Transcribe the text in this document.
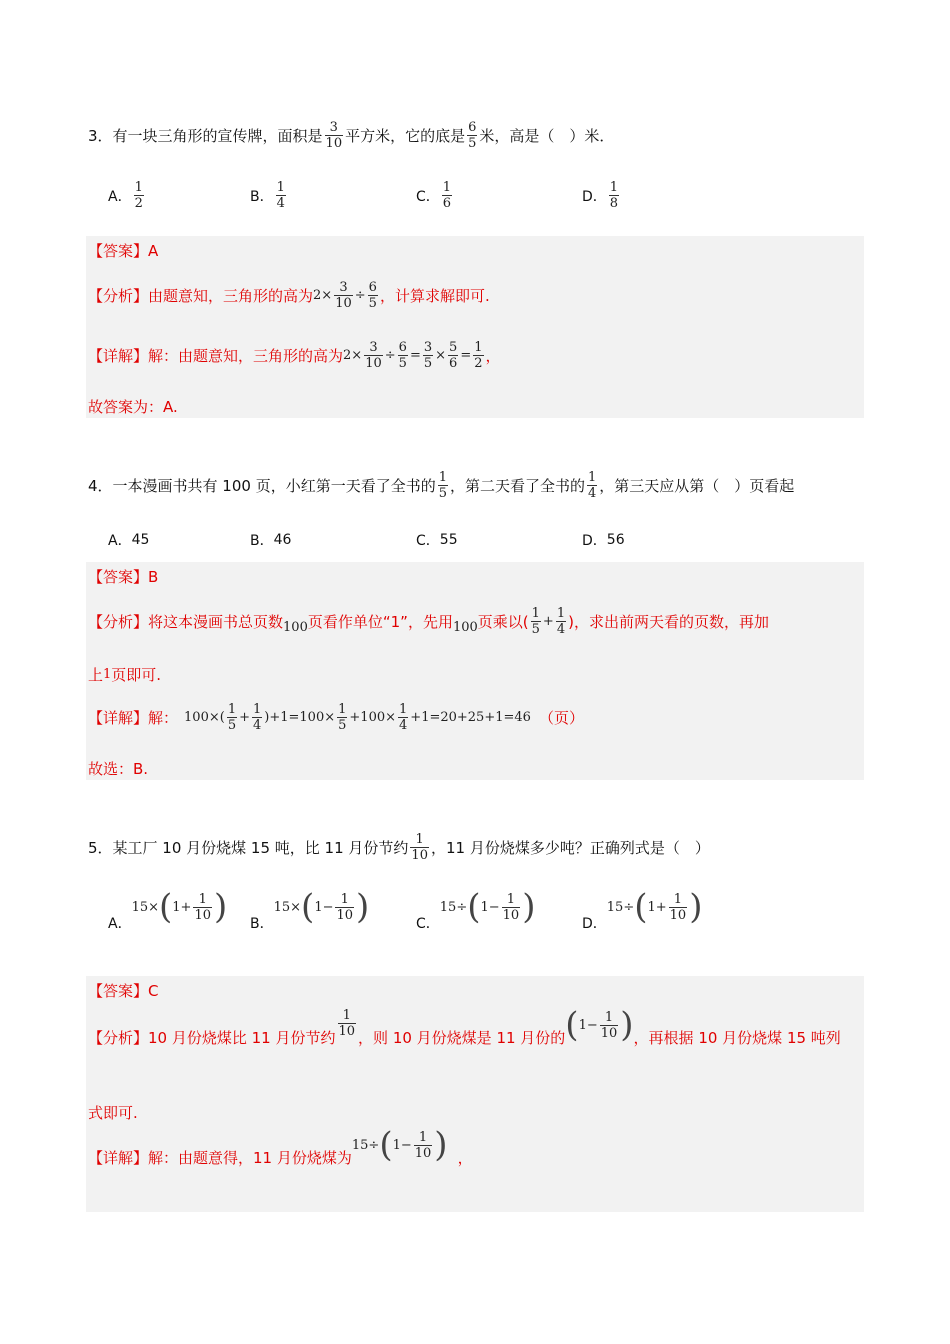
3．有一块三角形的宣传牌，面积是 $\frac{3}{10}$ 平方米，它的底是 $\frac{6}{5}$ 米，高是（　）米．
A． $\frac{1}{2}$	B． $\frac{1}{4}$	C． $\frac{1}{6}$	D． $\frac{1}{8}$
【答案】 A
【分析】 由题意知，三角形的高为 $2\times \frac{3}{10} \div \frac{6}{5}$ ，计算求解即可.
【详解】 解：由题意知，三角形的高为 $2\times \frac{3}{10} \div \frac{6}{5} = \frac{3}{5} \times \frac{5}{6} = \frac{1}{2}$ ，
故答案为：A.
4．一本漫画书共有 100 页，小红第一天看了全书的 $\frac{1}{5}$ ，第二天看了全书的 $\frac{1}{4}$ ，第三天应从第（　）页看起
A． 45	B． 46	C． 55	D． 56
【答案】 B
【分析】 将这本漫画书总页数 100 页看作单位“1”，先用 100 页乘以( $\frac{1}{5} + \frac{1}{4}$ )，求出前两天看的页数，再加
上 1 页即可.
【详解】 解： $100\times( \frac{1}{5} + \frac{1}{4} )+1=100\times \frac{1}{5} +100\times \frac{1}{4} +1=20+25+1=46$ （页）
故选：B.
5．某工厂 10 月份烧煤 15 吨，比 11 月份节约 $\frac{1}{10}$ ，11 月份烧煤多少吨？正确列式是（　）
A．
15× ( $1+ \frac{1}{10}$ ) B．
15× ( $1- \frac{1}{10}$ )	C．
15÷ ( $1- \frac{1}{10}$ )	D．
15÷ ( $1+ \frac{1}{10}$ )
【答案】 C
【分析】 10 月份烧煤比 11 月份节约 $\frac{1}{10}$ ，则 10 月份烧煤是 11 月份的 ( $1- \frac{1}{10}$ ) ，再根据 10 月份烧煤 15 吨列
式即可.
【详解】 解：由题意得，11 月份烧煤为
15÷ ( $1- \frac{1}{10}$ ) ，
